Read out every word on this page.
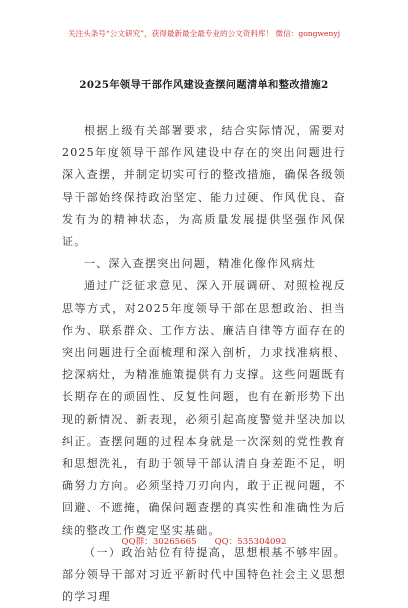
关注头条号“公文研究”，获得最新最全最专业的公文资料库！ 微信：gongwenyj
2025年领导干部作风建设查摆问题清单和整改措施2

根据上级有关部署要求，结合实际情况，需要对2025年度领导干部作风建设中存在的突出问题进行深入查摆，并制定切实可行的整改措施，确保各级领导干部始终保持政治坚定、能力过硬、作风优良、奋发有为的精神状态，为高质量发展提供坚强作风保证。

一、深入查摆突出问题，精准化像作风病灶

通过广泛征求意见、深入开展调研、对照检视反思等方式，对2025年度领导干部在思想政治、担当作为、联系群众、工作方法、廉洁自律等方面存在的突出问题进行全面梳理和深入剖析，力求找准病根、挖深病灶，为精准施策提供有力支撑。这些问题既有长期存在的顽固性、反复性问题，也有在新形势下出现的新情况、新表现，必须引起高度警觉并坚决加以纠正。查摆问题的过程本身就是一次深刻的党性教育和思想洗礼，有助于领导干部认清自身差距不足，明确努力方向。必须坚持刀刃向内，敢于正视问题，不回避、不遮掩，确保问题查摆的真实性和准确性为后续的整改工作奠定坚实基础。

（一）政治站位有待提高，思想根基不够牢固。部分领导干部对习近平新时代中国特色社会主义思想的学习理

QQ群：30265665 QQ：535304092
